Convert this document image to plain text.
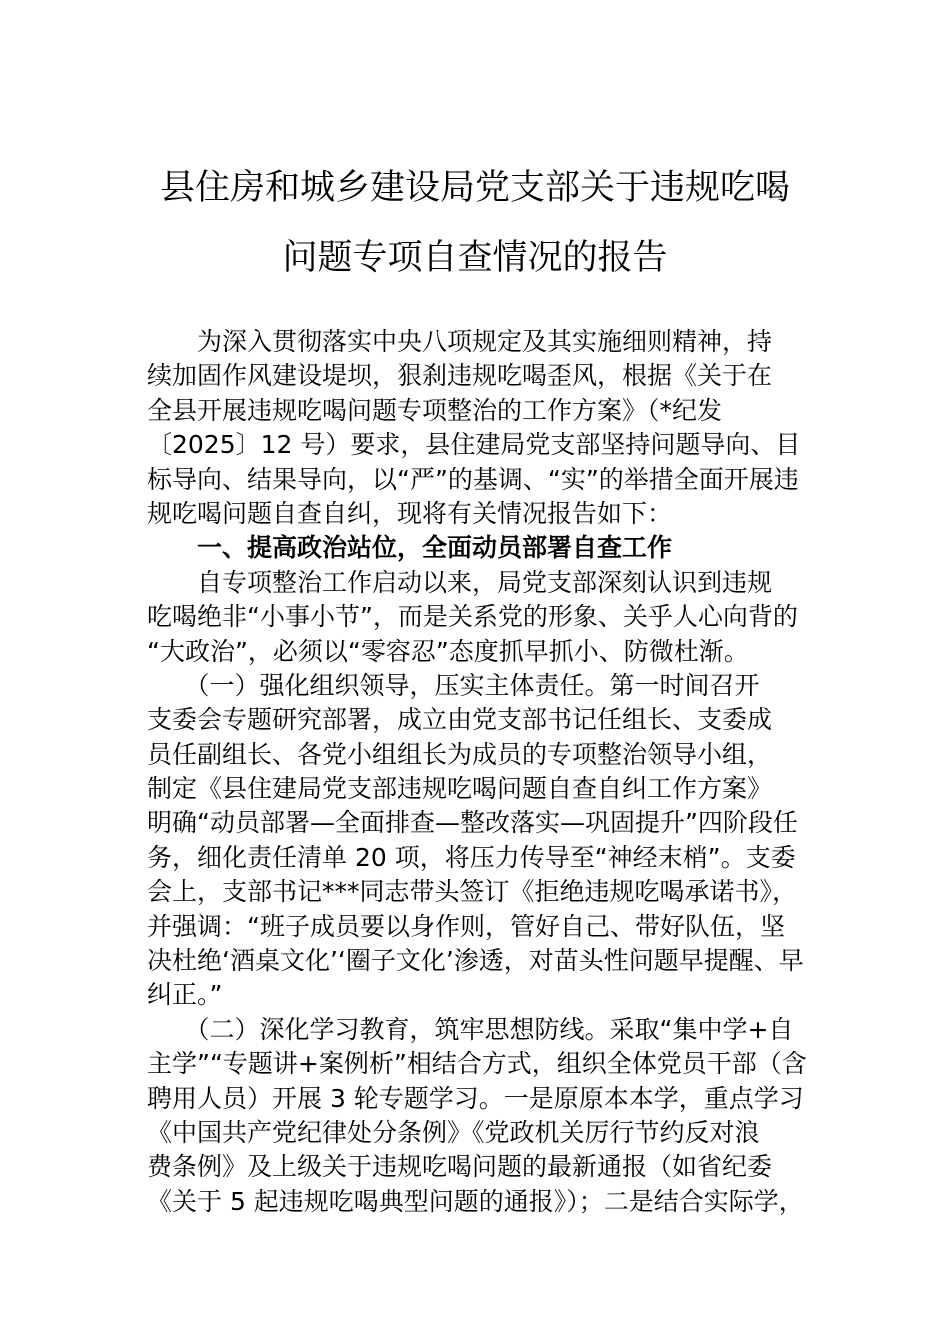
县住房和城乡建设局党支部关于违规吃喝
问题专项自查情况的报告
　　为深入贯彻落实中央八项规定及其实施细则精神，持
续加固作风建设堤坝，狠刹违规吃喝歪风，根据《关于在
全县开展违规吃喝问题专项整治的工作方案》（*纪发
〔2025〕12 号）要求，县住建局党支部坚持问题导向、目
标导向、结果导向，以“严”的基调、“实”的举措全面开展违
规吃喝问题自查自纠，现将有关情况报告如下：
　　一、提高政治站位，全面动员部署自查工作
　　自专项整治工作启动以来，局党支部深刻认识到违规
吃喝绝非“小事小节”，而是关系党的形象、关乎人心向背的
“大政治”，必须以“零容忍”态度抓早抓小、防微杜渐。
　　（一）强化组织领导，压实主体责任。第一时间召开
支委会专题研究部署，成立由党支部书记任组长、支委成
员任副组长、各党小组组长为成员的专项整治领导小组，
制定《县住建局党支部违规吃喝问题自查自纠工作方案》
明确“动员部署—全面排查—整改落实—巩固提升”四阶段任
务，细化责任清单 20 项，将压力传导至“神经末梢”。支委
会上，支部书记***同志带头签订《拒绝违规吃喝承诺书》，
并强调：“班子成员要以身作则，管好自己、带好队伍，坚
决杜绝‘酒桌文化’‘圈子文化’渗透，对苗头性问题早提醒、早
纠正。”
　　（二）深化学习教育，筑牢思想防线。采取“集中学+自
主学”“专题讲+案例析”相结合方式，组织全体党员干部（含
聘用人员）开展 3 轮专题学习。一是原原本本学，重点学习
《中国共产党纪律处分条例》《党政机关厉行节约反对浪
费条例》及上级关于违规吃喝问题的最新通报（如省纪委
《关于 5 起违规吃喝典型问题的通报》）；二是结合实际学，
